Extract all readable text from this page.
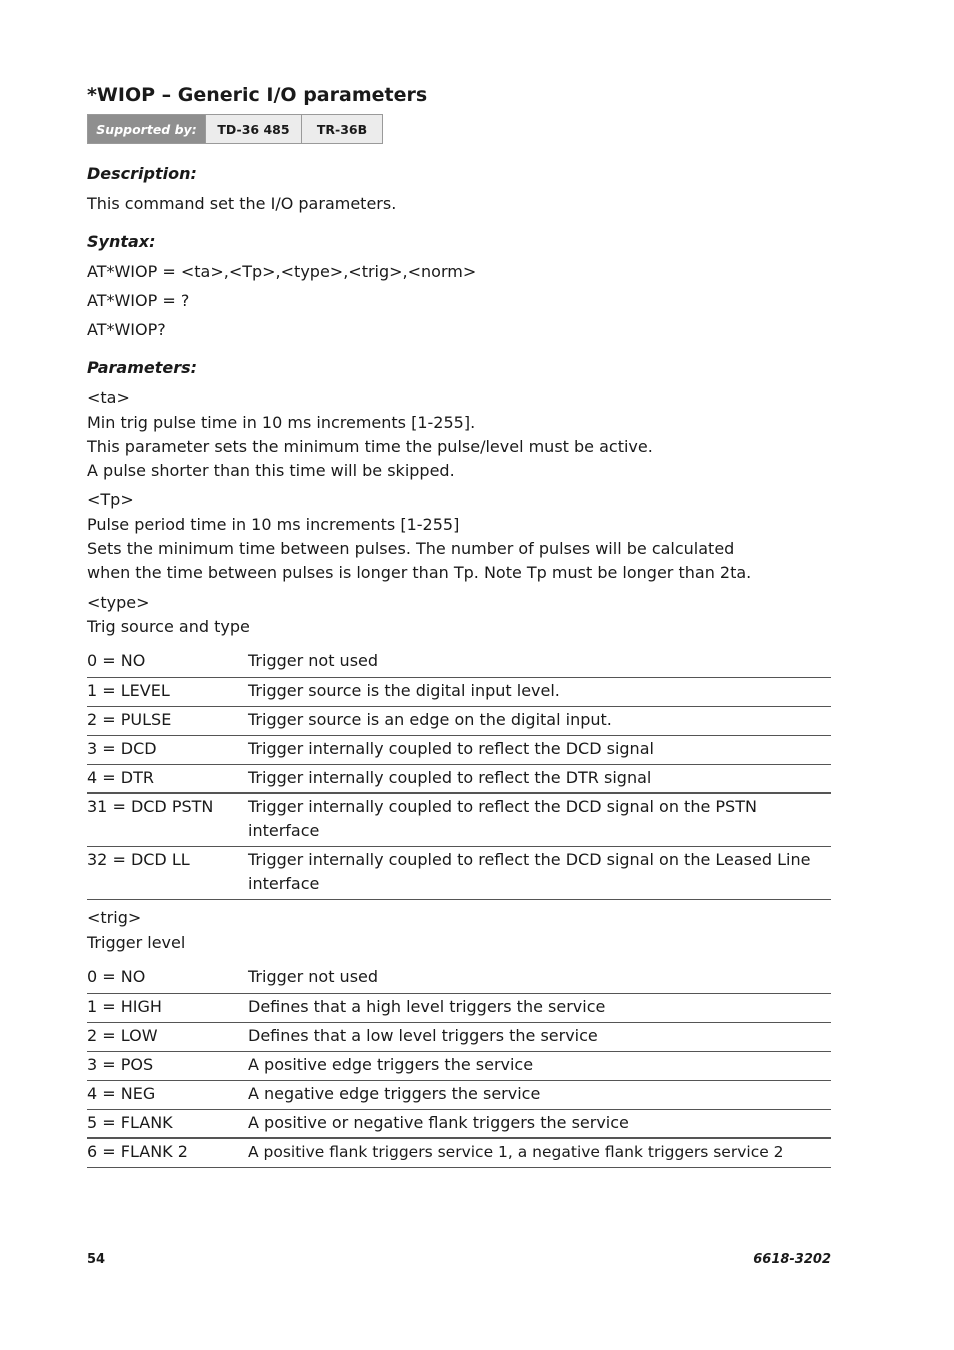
*WIOP – Generic I/O parameters
Supported by:	TD-36 485	TR-36B
Description:
This command set the I/O parameters.
Syntax:
AT*WIOP = <ta>,<Tp>,<type>,<trig>,<norm>
AT*WIOP = ?
AT*WIOP?
Parameters:
<ta>
Min trig pulse time in 10 ms increments [1-255].
This parameter sets the minimum time the pulse/level must be active.
A pulse shorter than this time will be skipped.
<Tp>
Pulse period time in 10 ms increments [1-255]
Sets the minimum time between pulses. The number of pulses will be calculated
when the time between pulses is longer than Tp. Note Tp must be longer than 2ta.
<type>
Trig source and type
0 = NO	Trigger not used
1 = LEVEL	Trigger source is the digital input level.
2 = PULSE	Trigger source is an edge on the digital input.
3 = DCD	Trigger internally coupled to reflect the DCD signal
4 = DTR	Trigger internally coupled to reflect the DTR signal
31 = DCD PSTN	Trigger internally coupled to reflect the DCD signal on the PSTN interface
32 = DCD LL	Trigger internally coupled to reflect the DCD signal on the Leased Line interface
<trig>
Trigger level
0 = NO	Trigger not used
1 = HIGH	Defines that a high level triggers the service
2 = LOW	Defines that a low level triggers the service
3 = POS	A positive edge triggers the service
4 = NEG	A negative edge triggers the service
5 = FLANK	A positive or negative flank triggers the service
6 = FLANK 2	A positive flank triggers service 1, a negative flank triggers service 2
54	6618-3202
